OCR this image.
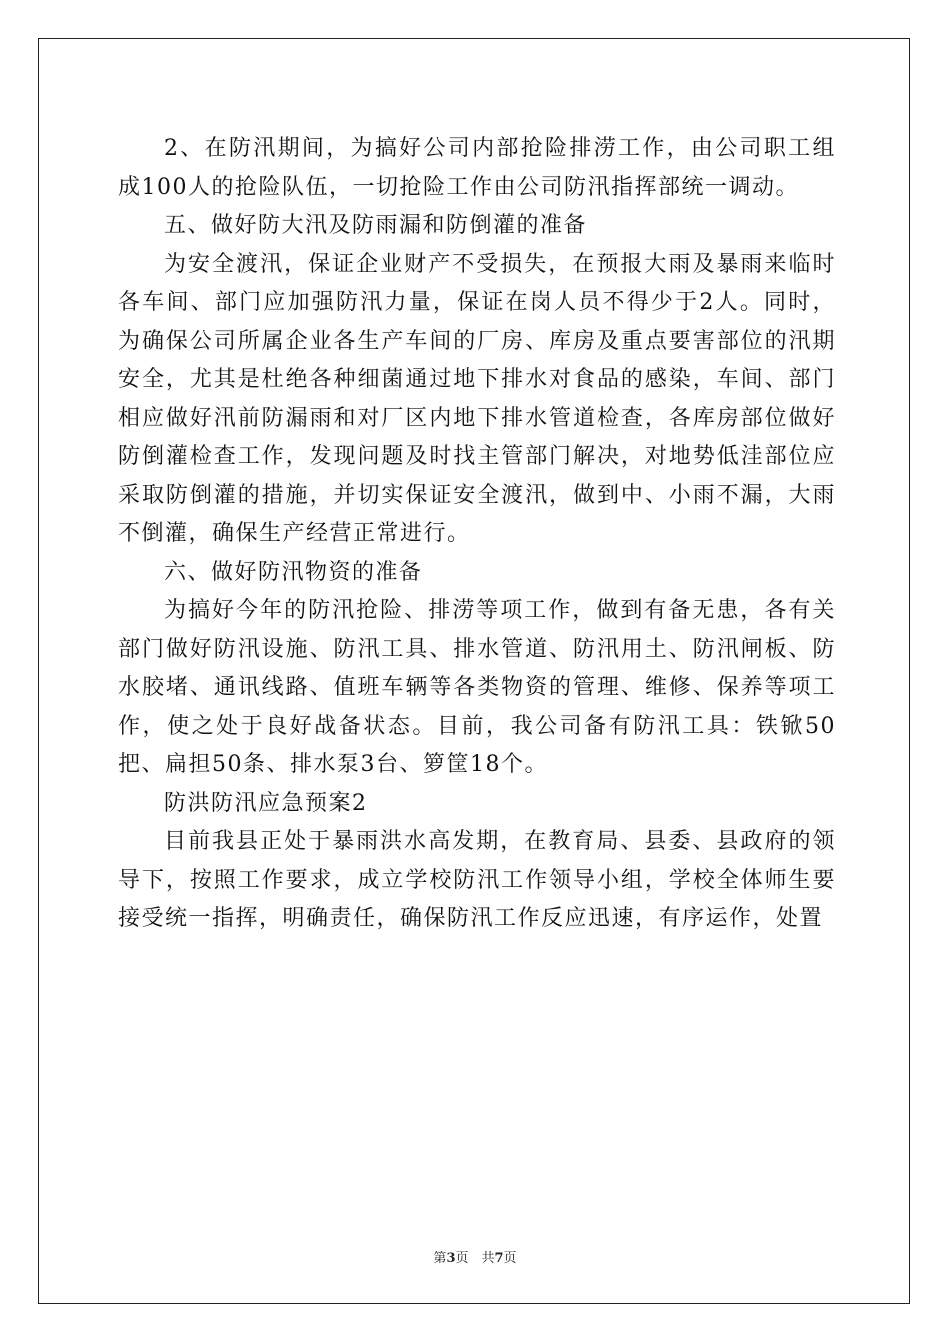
2、在防汛期间，为搞好公司内部抢险排涝工作，由公司职工组成100人的抢险队伍，一切抢险工作由公司防汛指挥部统一调动。

五、做好防大汛及防雨漏和防倒灌的准备

为安全渡汛，保证企业财产不受损失，在预报大雨及暴雨来临时各车间、部门应加强防汛力量，保证在岗人员不得少于2人。同时，为确保公司所属企业各生产车间的厂房、库房及重点要害部位的汛期安全，尤其是杜绝各种细菌通过地下排水对食品的感染，车间、部门相应做好汛前防漏雨和对厂区内地下排水管道检查，各库房部位做好防倒灌检查工作，发现问题及时找主管部门解决，对地势低洼部位应采取防倒灌的措施，并切实保证安全渡汛，做到中、小雨不漏，大雨不倒灌，确保生产经营正常进行。

六、做好防汛物资的准备

为搞好今年的防汛抢险、排涝等项工作，做到有备无患，各有关部门做好防汛设施、防汛工具、排水管道、防汛用土、防汛闸板、防水胶堵、通讯线路、值班车辆等各类物资的管理、维修、保养等项工作，使之处于良好战备状态。目前，我公司备有防汛工具：铁锨50把、扁担50条、排水泵3台、箩筐18个。

防洪防汛应急预案2

目前我县正处于暴雨洪水高发期，在教育局、县委、县政府的领导下，按照工作要求，成立学校防汛工作领导小组，学校全体师生要接受统一指挥，明确责任，确保防汛工作反应迅速，有序运作，处置

第3页　共7页
